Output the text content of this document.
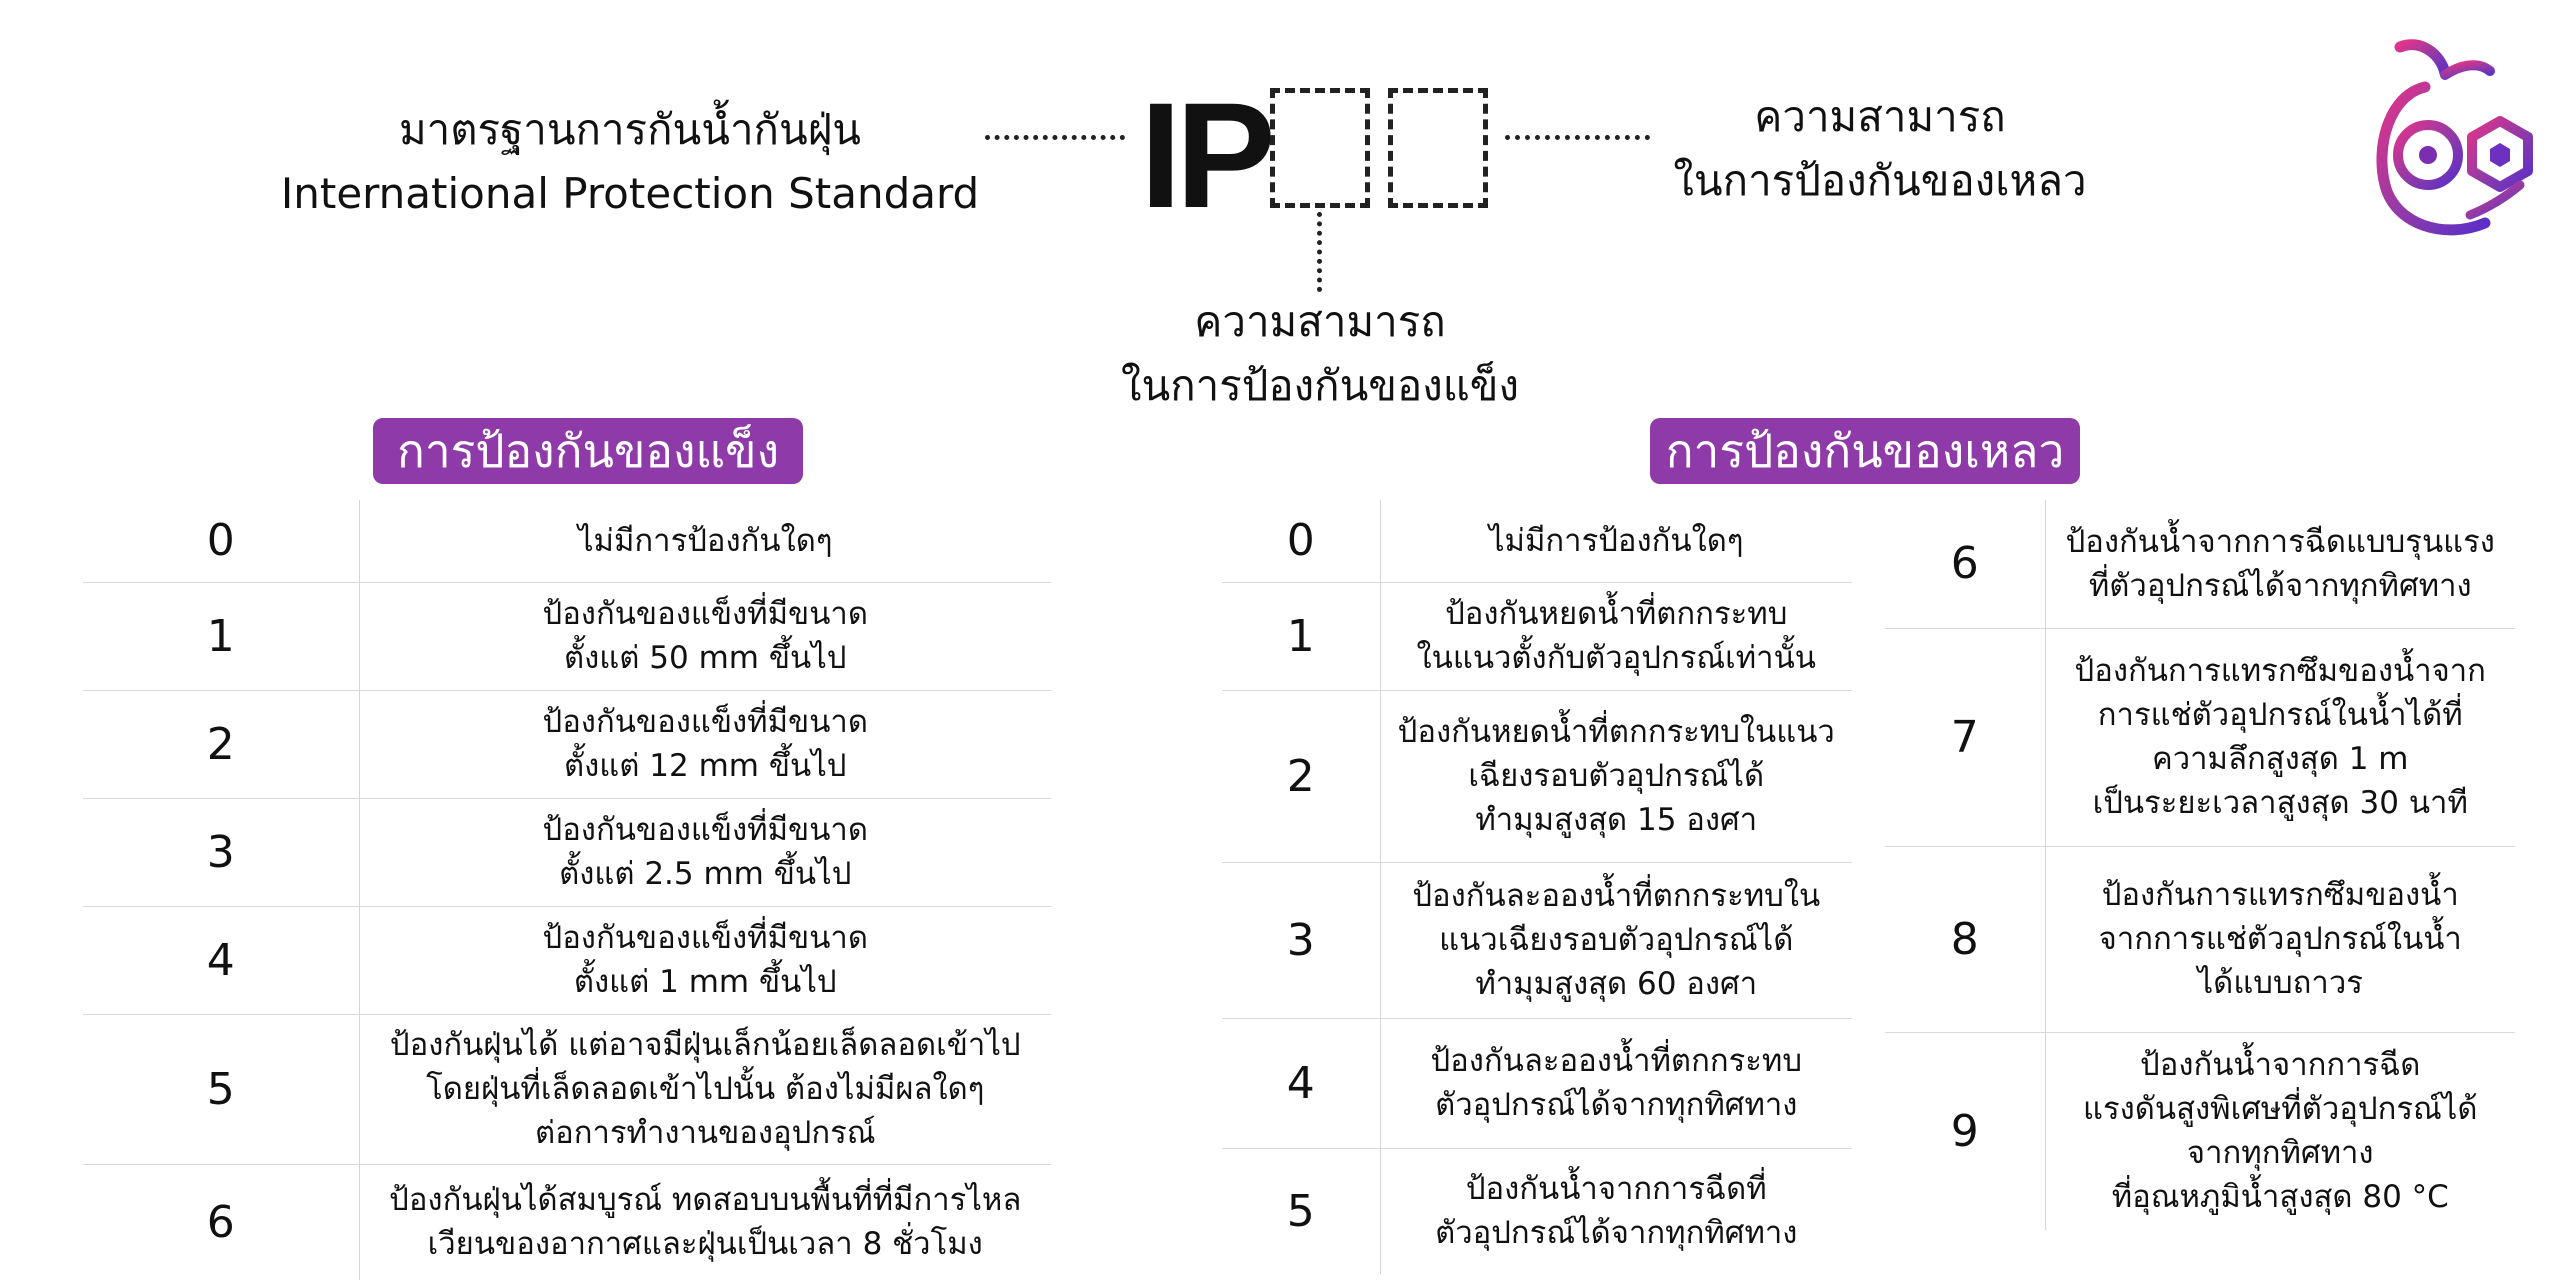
มาตรฐานการกันน้ำกันฝุ่น
International Protection Standard IP	ความสามารถ
ในการป้องกันของเหลว
ความสามารถ
ในการป้องกันของแข็ง
การป้องกันของแข็ง	การป้องกันของเหลว
0	ไม่มีการป้องกันใดๆ
1	ป้องกันของแข็งที่มีขนาด
ตั้งแต่ 50 mm ขึ้นไป
2	ป้องกันของแข็งที่มีขนาด
ตั้งแต่ 12 mm ขึ้นไป
3	ป้องกันของแข็งที่มีขนาด
ตั้งแต่ 2.5 mm ขึ้นไป
4	ป้องกันของแข็งที่มีขนาด
ตั้งแต่ 1 mm ขึ้นไป
5	ป้องกันฝุ่นได้ แต่อาจมีฝุ่นเล็กน้อยเล็ดลอดเข้าไป
โดยฝุ่นที่เล็ดลอดเข้าไปนั้น ต้องไม่มีผลใดๆ
ต่อการทำงานของอุปกรณ์
6	ป้องกันฝุ่นได้สมบูรณ์ ทดสอบบนพื้นที่ที่มีการไหล
เวียนของอากาศและฝุ่นเป็นเวลา 8 ชั่วโมง
0	ไม่มีการป้องกันใดๆ
1	ป้องกันหยดน้ำที่ตกกระทบ
ในแนวตั้งกับตัวอุปกรณ์เท่านั้น
2	ป้องกันหยดน้ำที่ตกกระทบในแนว
เฉียงรอบตัวอุปกรณ์ได้
ทำมุมสูงสุด 15 องศา
3	ป้องกันละอองน้ำที่ตกกระทบใน
แนวเฉียงรอบตัวอุปกรณ์ได้
ทำมุมสูงสุด 60 องศา
4	ป้องกันละอองน้ำที่ตกกระทบ
ตัวอุปกรณ์ได้จากทุกทิศทาง
5	ป้องกันน้ำจากการฉีดที่
ตัวอุปกรณ์ได้จากทุกทิศทาง
6	ป้องกันน้ำจากการฉีดแบบรุนแรง
ที่ตัวอุปกรณ์ได้จากทุกทิศทาง
7	ป้องกันการแทรกซึมของน้ำจาก
การแช่ตัวอุปกรณ์ในน้ำได้ที่
ความลึกสูงสุด 1 m
เป็นระยะเวลาสูงสุด 30 นาที
8	ป้องกันการแทรกซึมของน้ำ
จากการแช่ตัวอุปกรณ์ในน้ำ
ได้แบบถาวร
9	ป้องกันน้ำจากการฉีด
แรงดันสูงพิเศษที่ตัวอุปกรณ์ได้
จากทุกทิศทาง
ที่อุณหภูมิน้ำสูงสุด 80 °C
